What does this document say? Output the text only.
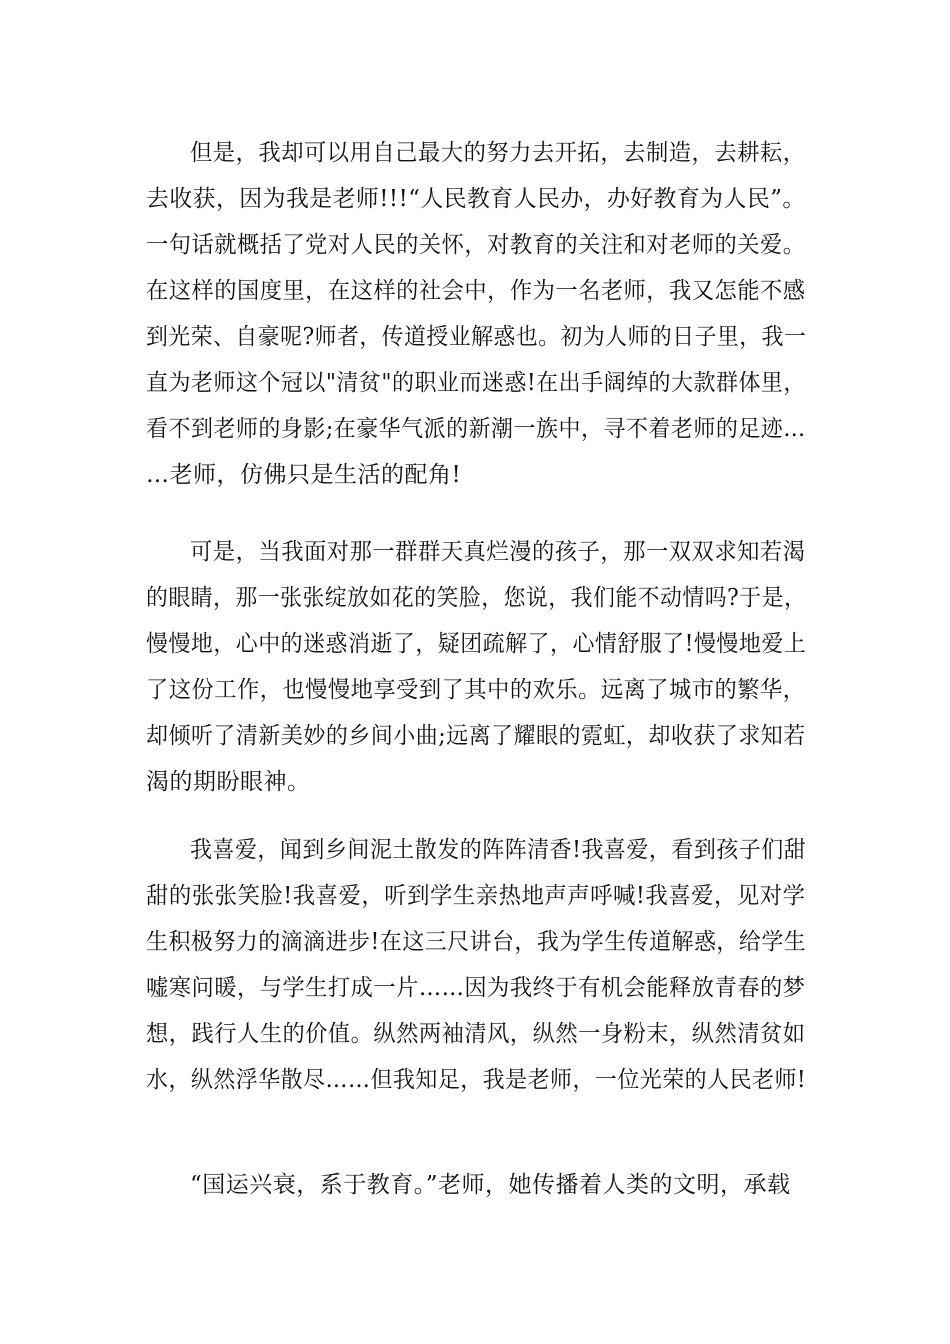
但是，我却可以用自己最大的努力去开拓，去制造，去耕耘，
去收获，因为我是老师!!!“人民教育人民办，办好教育为人民”。
一句话就概括了党对人民的关怀，对教育的关注和对老师的关爱。
在这样的国度里，在这样的社会中，作为一名老师，我又怎能不感
到光荣、自豪呢?师者，传道授业解惑也。初为人师的日子里，我一
直为老师这个冠以"清贫"的职业而迷惑!在出手阔绰的大款群体里，
看不到老师的身影;在豪华气派的新潮一族中，寻不着老师的足迹…
…老师，仿佛只是生活的配角!
可是，当我面对那一群群天真烂漫的孩子，那一双双求知若渴
的眼睛，那一张张绽放如花的笑脸，您说，我们能不动情吗?于是，
慢慢地，心中的迷惑消逝了，疑团疏解了，心情舒服了!慢慢地爱上
了这份工作，也慢慢地享受到了其中的欢乐。远离了城市的繁华，
却倾听了清新美妙的乡间小曲;远离了耀眼的霓虹，却收获了求知若
渴的期盼眼神。
我喜爱，闻到乡间泥土散发的阵阵清香!我喜爱，看到孩子们甜
甜的张张笑脸!我喜爱，听到学生亲热地声声呼喊!我喜爱，见对学
生积极努力的滴滴进步!在这三尺讲台，我为学生传道解惑，给学生
嘘寒问暖，与学生打成一片……因为我终于有机会能释放青春的梦
想，践行人生的价值。纵然两袖清风，纵然一身粉末，纵然清贫如
水，纵然浮华散尽……但我知足，我是老师，一位光荣的人民老师!
“国运兴衰，系于教育。”老师，她传播着人类的文明，承载
